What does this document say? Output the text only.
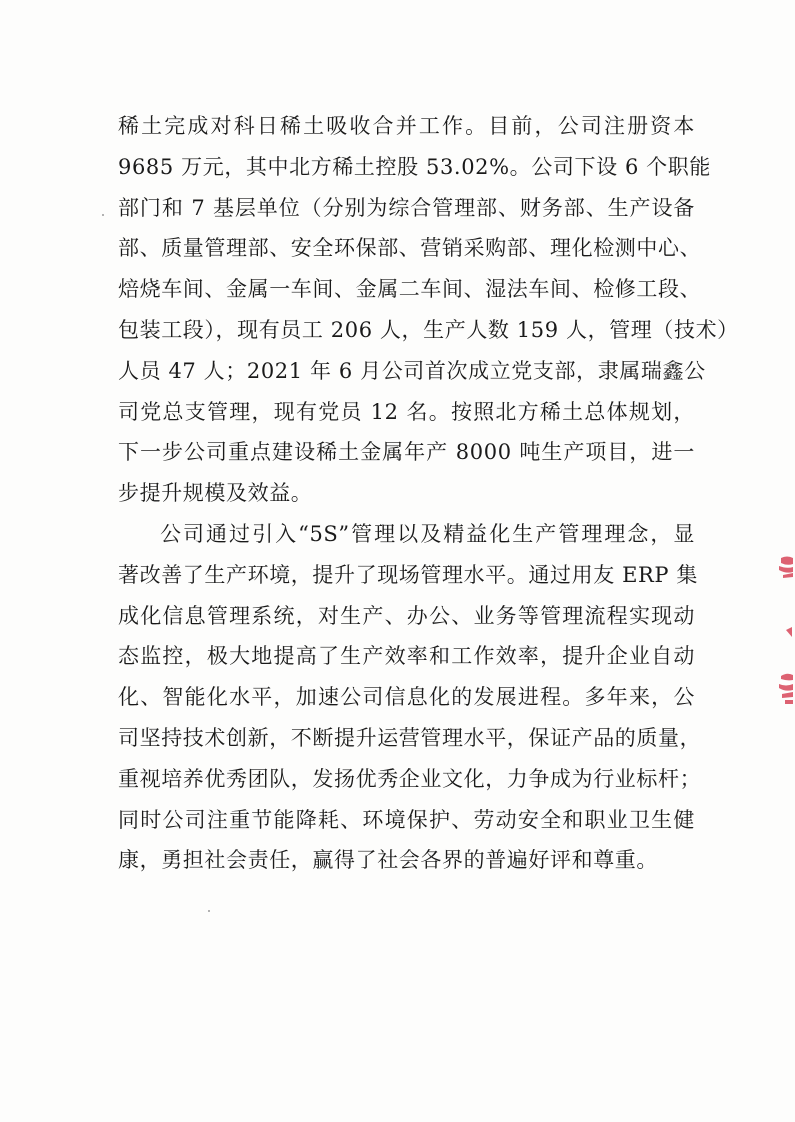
稀土完成对科日稀土吸收合并工作。目前，公司注册资本
9685 万元，其中北方稀土控股 53.02%。公司下设 6 个职能
部门和 7 基层单位（分别为综合管理部、财务部、生产设备
部、质量管理部、安全环保部、营销采购部、理化检测中心、
焙烧车间、金属一车间、金属二车间、湿法车间、检修工段、
包装工段），现有员工 206 人，生产人数 159 人，管理（技术）
人员 47 人；2021 年 6 月公司首次成立党支部，隶属瑞鑫公
司党总支管理，现有党员 12 名。按照北方稀土总体规划，
下一步公司重点建设稀土金属年产 8000 吨生产项目，进一
步提升规模及效益。

公司通过引入“5S”管理以及精益化生产管理理念，显
著改善了生产环境，提升了现场管理水平。通过用友 ERP 集
成化信息管理系统，对生产、办公、业务等管理流程实现动
态监控，极大地提高了生产效率和工作效率，提升企业自动
化、智能化水平，加速公司信息化的发展进程。多年来，公
司坚持技术创新，不断提升运营管理水平，保证产品的质量，
重视培养优秀团队，发扬优秀企业文化，力争成为行业标杆；
同时公司注重节能降耗、环境保护、劳动安全和职业卫生健
康，勇担社会责任，赢得了社会各界的普遍好评和尊重。
